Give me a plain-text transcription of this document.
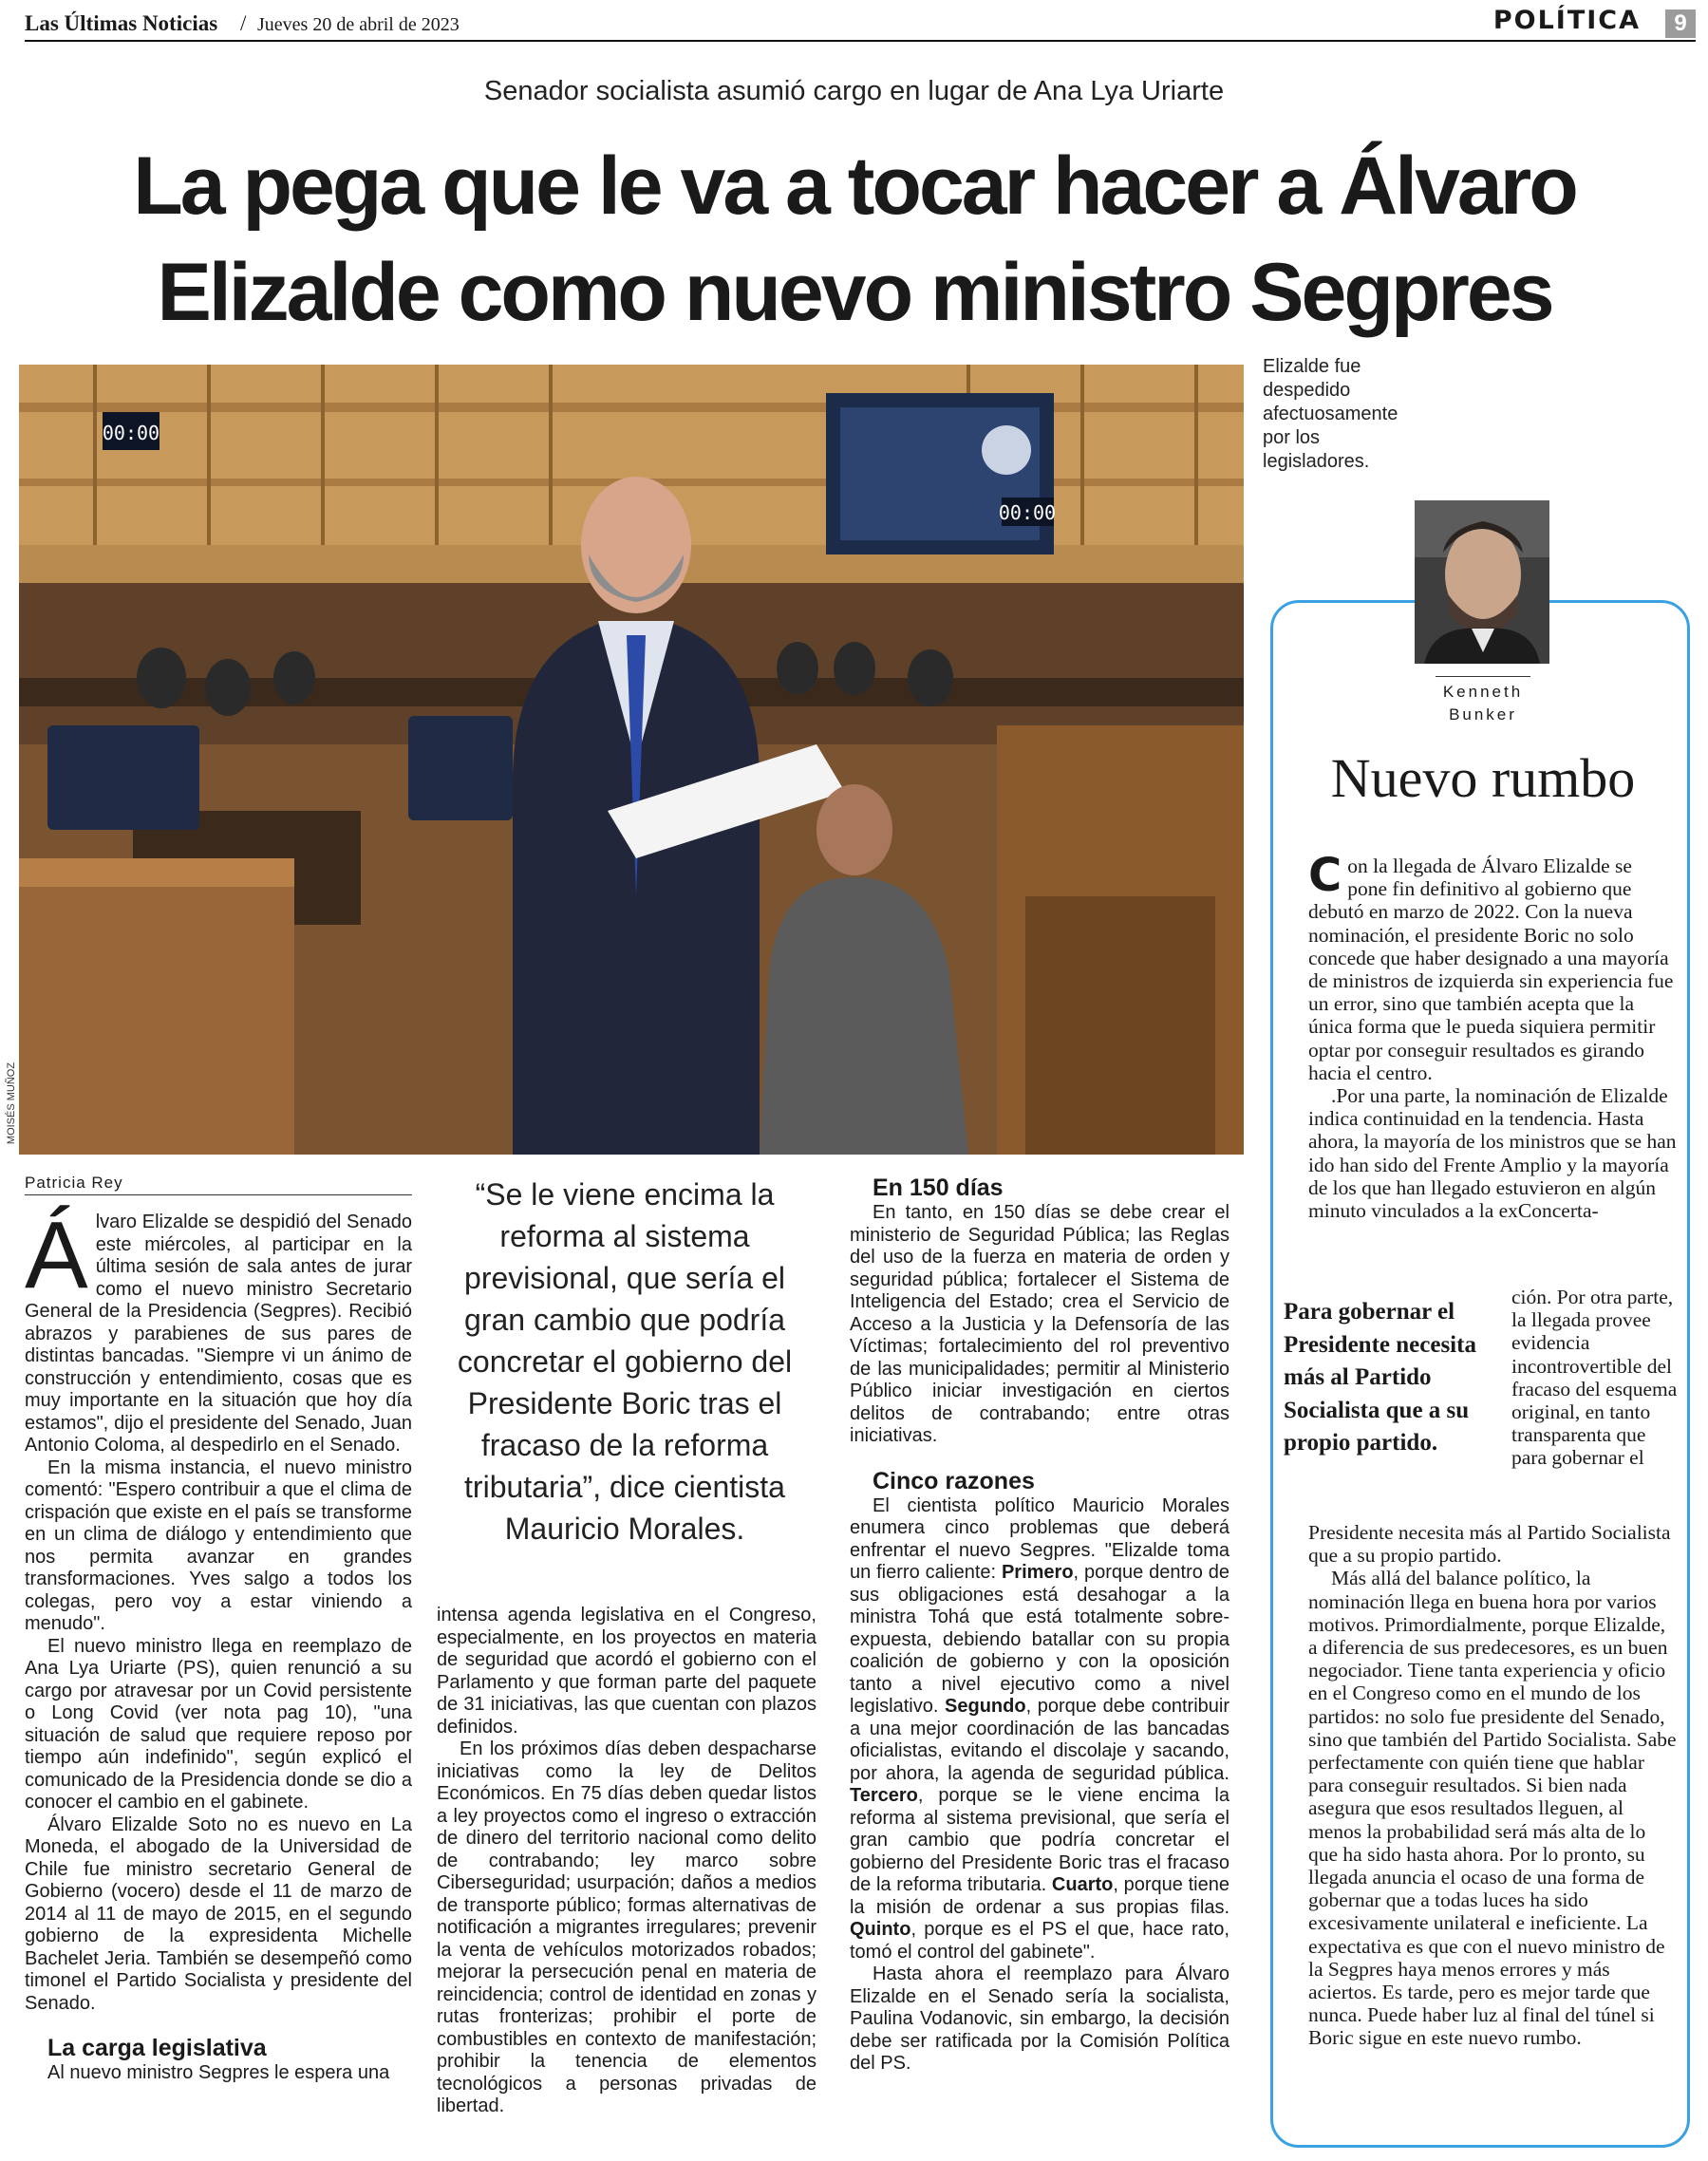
Las Últimas Noticias / Jueves 20 de abril de 2023	POLÍTICA	9
Senador socialista asumió cargo en lugar de Ana Lya Uriarte
La pega que le va a tocar hacer a Álvaro
Elizalde como nuevo ministro Segpres
00:00
00:00
MOISÉS MUÑOZ
Elizalde fue despedido afectuosamente por los legisladores.
Patricia Rey

Álvaro Elizalde se despidió del Senado este miércoles, al participar en la última sesión de sala antes de jurar como el nuevo ministro Secretario General de la Presidencia (Segpres). Recibió abrazos y parabienes de sus pares de distintas bancadas. "Siempre vi un ánimo de construcción y entendimiento, cosas que es muy importante en la situación que hoy día estamos", dijo el presidente del Senado, Juan Antonio Coloma, al despedirlo en el Senado.

En la misma instancia, el nuevo ministro comentó: "Espero contribuir a que el clima de crispación que existe en el país se transforme en un clima de diálogo y entendimiento que nos permita avanzar en grandes transformaciones. Yves salgo a todos los colegas, pero voy a estar viniendo a menudo".

El nuevo ministro llega en reemplazo de Ana Lya Uriarte (PS), quien renunció a su cargo por atravesar por un Covid persistente o Long Covid (ver nota pag 10), "una situación de salud que requiere reposo por tiempo aún indefinido", según explicó el comunicado de la Presidencia donde se dio a conocer el cambio en el gabinete.

Álvaro Elizalde Soto no es nuevo en La Moneda, el abogado de la Universidad de Chile fue ministro secretario General de Gobierno (vocero) desde el 11 de marzo de 2014 al 11 de mayo de 2015, en el segundo gobierno de la expresidenta Michelle Bachelet Jeria. También se desempeñó como timonel el Partido Socialista y presidente del Senado.

La carga legislativa

Al nuevo ministro Segpres le espera una

“Se le viene encima la
reforma al sistema
previsional, que sería el
gran cambio que podría
concretar el gobierno del
Presidente Boric tras el
fracaso de la reforma
tributaria”, dice cientista
Mauricio Morales.

intensa agenda legislativa en el Congreso, especialmente, en los proyectos en materia de seguridad que acordó el gobierno con el Parlamento y que forman parte del paquete de 31 iniciativas, las que cuentan con plazos definidos.

En los próximos días deben despacharse iniciativas como la ley de Delitos Económicos. En 75 días deben quedar listos a ley proyectos como el ingreso o extracción de dinero del territorio nacional como delito de contrabando; ley marco sobre Ciberseguridad; usurpación; daños a medios de transporte público; formas alternativas de notificación a migrantes irregulares; prevenir la venta de vehículos motorizados robados; mejorar la persecución penal en materia de reincidencia; control de identidad en zonas y rutas fronterizas; prohibir el porte de combustibles en contexto de manifestación; prohibir la tenencia de elementos tecnológicos a personas privadas de libertad.

En 150 días

En tanto, en 150 días se debe crear el ministerio de Seguridad Pública; las Reglas del uso de la fuerza en materia de orden y seguridad pública; fortalecer el Sistema de Inteligencia del Estado; crea el Servicio de Acceso a la Justicia y la Defensoría de las Víctimas; fortalecimiento del rol preventivo de las municipalidades; permitir al Ministerio Público iniciar investigación en ciertos delitos de contrabando; entre otras iniciativas.

Cinco razones

El cientista político Mauricio Morales enumera cinco problemas que deberá enfrentar el nuevo Segpres. "Elizalde toma un fierro caliente: Primero, porque dentro de sus obligaciones está desahogar a la ministra Tohá que está totalmente sobre-expuesta, debiendo batallar con su propia coalición de gobierno y con la oposición tanto a nivel ejecutivo como a nivel legislativo. Segundo, porque debe contribuir a una mejor coordinación de las bancadas oficialistas, evitando el discolaje y sacando, por ahora, la agenda de seguridad pública. Tercero, porque se le viene encima la reforma al sistema previsional, que sería el gran cambio que podría concretar el gobierno del Presidente Boric tras el fracaso de la reforma tributaria. Cuarto, porque tiene la misión de ordenar a sus propias filas. Quinto, porque es el PS el que, hace rato, tomó el control del gabinete".

Hasta ahora el reemplazo para Álvaro Elizalde en el Senado sería la socialista, Paulina Vodanovic, sin embargo, la decisión debe ser ratificada por la Comisión Política del PS.

Kenneth
Bunker
Nuevo rumbo

Con la llegada de Álvaro Elizalde se pone fin definitivo al gobierno que debutó en marzo de 2022. Con la nueva nominación, el presidente Boric no solo concede que haber designado a una mayoría de ministros de izquierda sin experiencia fue un error, sino que también acepta que la única forma que le pueda siquiera permitir optar por conseguir resultados es girando hacia el centro.

.Por una parte, la nominación de Elizalde indica continuidad en la tendencia. Hasta ahora, la mayoría de los ministros que se han ido han sido del Frente Amplio y la mayoría de los que han llegado estuvieron en algún minuto vinculados a la exConcerta-

Para gobernar el Presidente necesita más al Partido Socialista que a su propio partido.

ción. Por otra parte, la llegada provee evidencia incontrovertible del fracaso del esquema original, en tanto transparenta que para gobernar el

Presidente necesita más al Partido Socialista que a su propio partido.

Más allá del balance político, la nominación llega en buena hora por varios motivos. Primordialmente, porque Elizalde, a diferencia de sus predecesores, es un buen negociador. Tiene tanta experiencia y oficio en el Congreso como en el mundo de los partidos: no solo fue presidente del Senado, sino que también del Partido Socialista. Sabe perfectamente con quién tiene que hablar para conseguir resultados. Si bien nada asegura que esos resultados lleguen, al menos la probabilidad será más alta de lo que ha sido hasta ahora. Por lo pronto, su llegada anuncia el ocaso de una forma de gobernar que a todas luces ha sido excesivamente unilateral e ineficiente. La expectativa es que con el nuevo ministro de la Segpres haya menos errores y más aciertos. Es tarde, pero es mejor tarde que nunca. Puede haber luz al final del túnel si Boric sigue en este nuevo rumbo.
